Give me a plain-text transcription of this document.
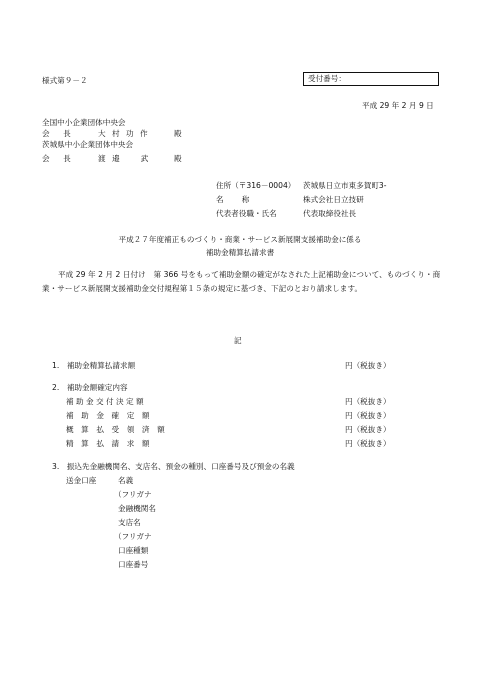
様式第９－２	受付番号：
平成 29 年 2 月 9 日
全国中小企業団体中央会
会　長	大 村 功 作	殿
茨城県中小企業団体中央会
会　長	渡 邉　　武	殿
住所（〒316－0004） 茨城県日立市東多賀町3-
名　　称	株式会社日立技研
代表者役職・氏名	代表取締役社長
平成２７年度補正ものづくり・商業・サービス新展開支援補助金に係る
補助金精算払請求書
平成 29 年 2 月 2 日付け　第 366 号をもって補助金額の確定がなされた上記補助金について、ものづくり・商業・サービス新展開支援補助金交付規程第１５条の規定に基づき、下記のとおり請求します。
記
1.　補助金精算払請求額	円（税抜き）
2.　補助金額確定内容
補 助 金 交 付 決 定 額	円（税抜き）
補　助　金　確　定　額	円（税抜き）
概　算　払　受　領　済　額	円（税抜き）
精　算　払　請　求　額	円（税抜き）
3.　振込先金融機関名、支店名、預金の種別、口座番号及び預金の名義
送金口座	名義
（フリガナ
金融機関名
支店名
（フリガナ
口座種類
口座番号
